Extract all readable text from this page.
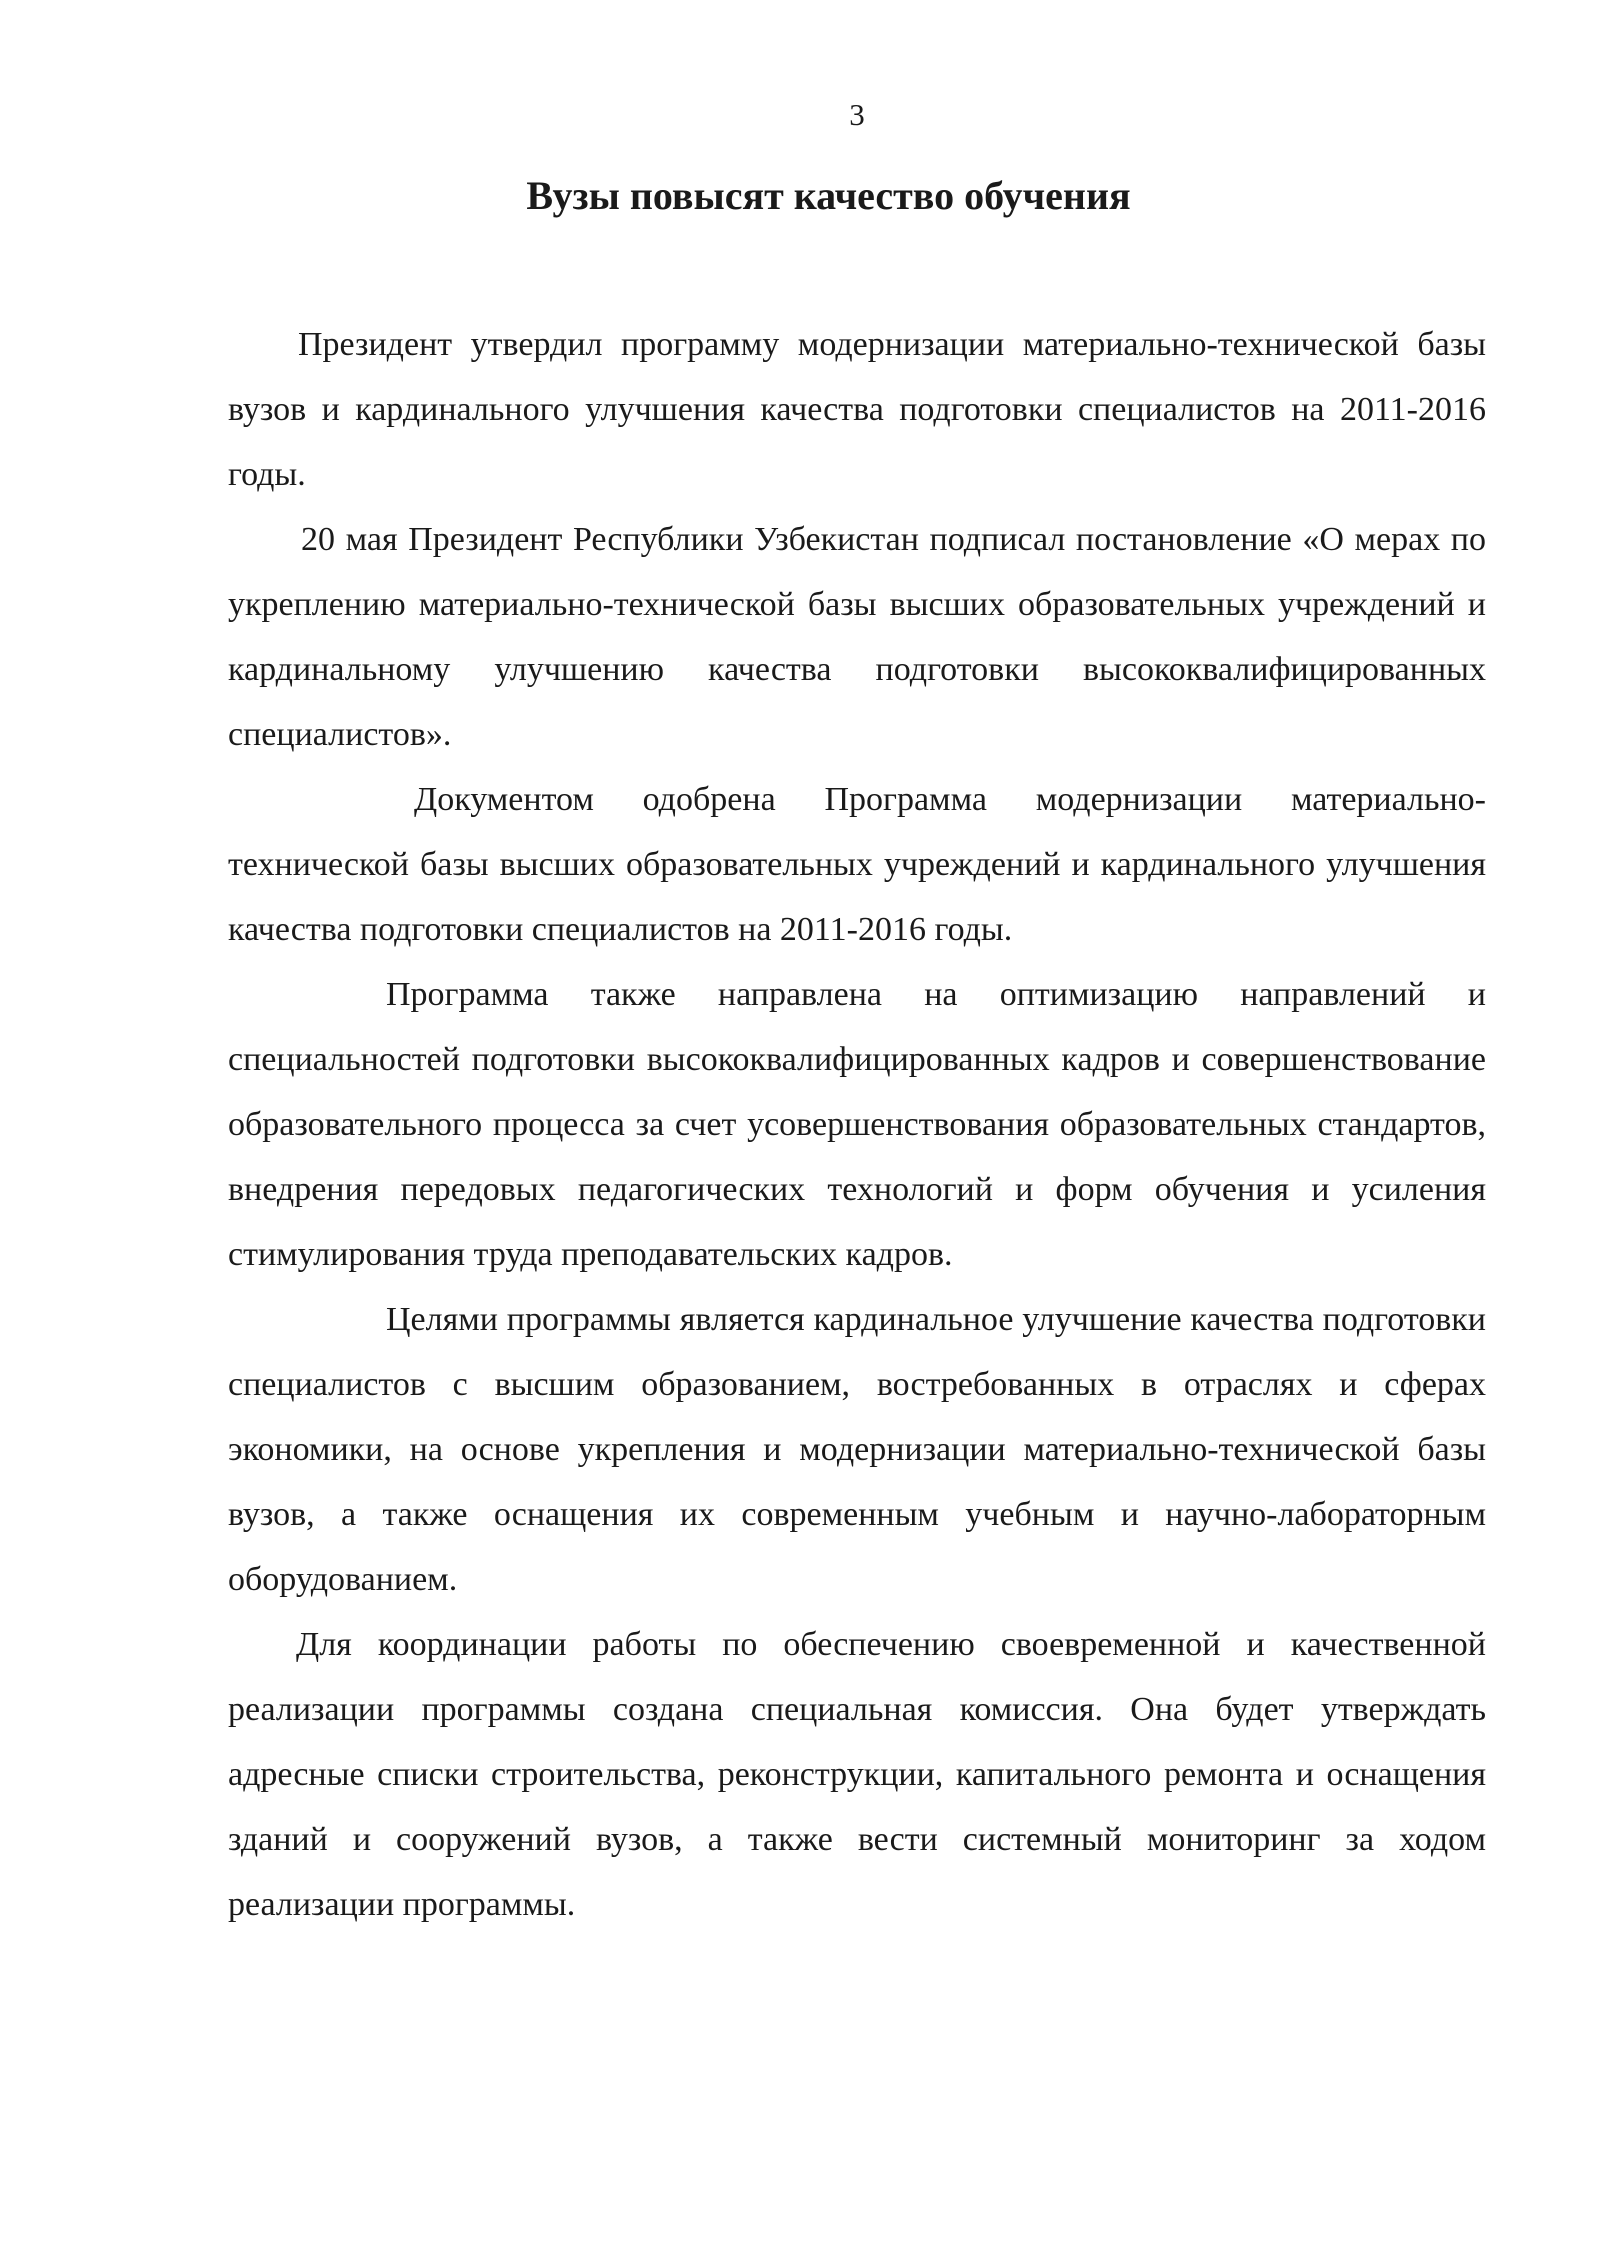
3
Вузы повысят качество обучения

Президент утвердил программу модернизации материально-технической базы вузов и кардинального улучшения качества подготовки специалистов на 2011-2016 годы.

20 мая Президент Республики Узбекистан подписал постановление «О мерах по укреплению материально-технической базы высших образовательных учреждений и кардинальному улучшению качества подготовки высококвалифицированных специалистов».

Документом одобрена Программа модернизации материально-технической базы высших образовательных учреждений и кардинального улучшения качества подготовки специалистов на 2011-2016 годы.

Программа также направлена на оптимизацию направлений и специальностей подготовки высококвалифицированных кадров и совершенствование образовательного процесса за счет усовершенствования образовательных стандартов, внедрения передовых педагогических технологий и форм обучения и усиления стимулирования труда преподавательских кадров.

Целями программы является кардинальное улучшение качества подготовки специалистов с высшим образованием, востребованных в отраслях и сферах экономики, на основе укрепления и модернизации материально-технической базы вузов, а также оснащения их современным учебным и научно-лабораторным оборудованием.

Для координации работы по обеспечению своевременной и качественной реализации программы создана специальная комиссия. Она будет утверждать адресные списки строительства, реконструкции, капитального ремонта и оснащения зданий и сооружений вузов, а также вести системный мониторинг за ходом реализации программы.
